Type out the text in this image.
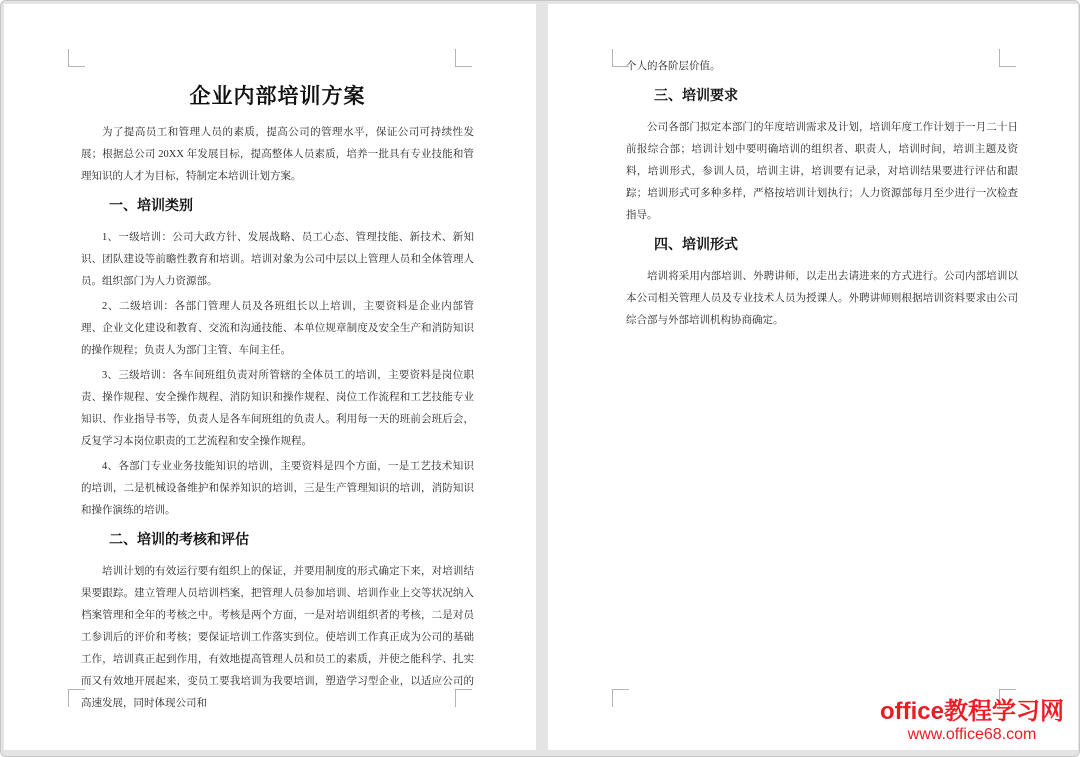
企业内部培训方案

为了提高员工和管理人员的素质，提高公司的管理水平，保证公司可持续性发展；根据总公司 20XX 年发展目标，提高整体人员素质，培养一批具有专业技能和管理知识的人才为目标，特制定本培训计划方案。

一、培训类别

1、一级培训：公司大政方针、发展战略、员工心态、管理技能、新技术、新知识、团队建设等前瞻性教育和培训。培训对象为公司中层以上管理人员和全体管理人员。组织部门为人力资源部。

2、二级培训：各部门管理人员及各班组长以上培训，主要资料是企业内部管理、企业文化建设和教育、交流和沟通技能、本单位规章制度及安全生产和消防知识的操作规程；负责人为部门主管、车间主任。

3、三级培训：各车间班组负责对所管辖的全体员工的培训，主要资料是岗位职责、操作规程、安全操作规程、消防知识和操作规程、岗位工作流程和工艺技能专业知识、作业指导书等，负责人是各车间班组的负责人。利用每一天的班前会班后会，反复学习本岗位职责的工艺流程和安全操作规程。

4、各部门专业业务技能知识的培训，主要资料是四个方面，一是工艺技术知识的培训，二是机械设备维护和保养知识的培训，三是生产管理知识的培训，消防知识和操作演练的培训。

二、培训的考核和评估

培训计划的有效运行要有组织上的保证，并要用制度的形式确定下来，对培训结果要跟踪。建立管理人员培训档案，把管理人员参加培训、培训作业上交等状况纳入档案管理和全年的考核之中。考核是两个方面，一是对培训组织者的考核，二是对员工参训后的评价和考核；要保证培训工作落实到位。使培训工作真正成为公司的基础工作，培训真正起到作用，有效地提高管理人员和员工的素质，并使之能科学、扎实而又有效地开展起来，变员工要我培训为我要培训，塑造学习型企业，以适应公司的高速发展，同时体现公司和

个人的各阶层价值。

三、培训要求

公司各部门拟定本部门的年度培训需求及计划，培训年度工作计划于一月二十日前报综合部；培训计划中要明确培训的组织者、职责人，培训时间，培训主题及资料，培训形式，参训人员，培训主讲，培训要有记录，对培训结果要进行评估和跟踪；培训形式可多种多样，严格按培训计划执行；人力资源部每月至少进行一次检查指导。

四、培训形式

培训将采用内部培训、外聘讲师，以走出去请进来的方式进行。公司内部培训以本公司相关管理人员及专业技术人员为授课人。外聘讲师则根据培训资料要求由公司综合部与外部培训机构协商确定。

office教程学习网
www.office68.com
